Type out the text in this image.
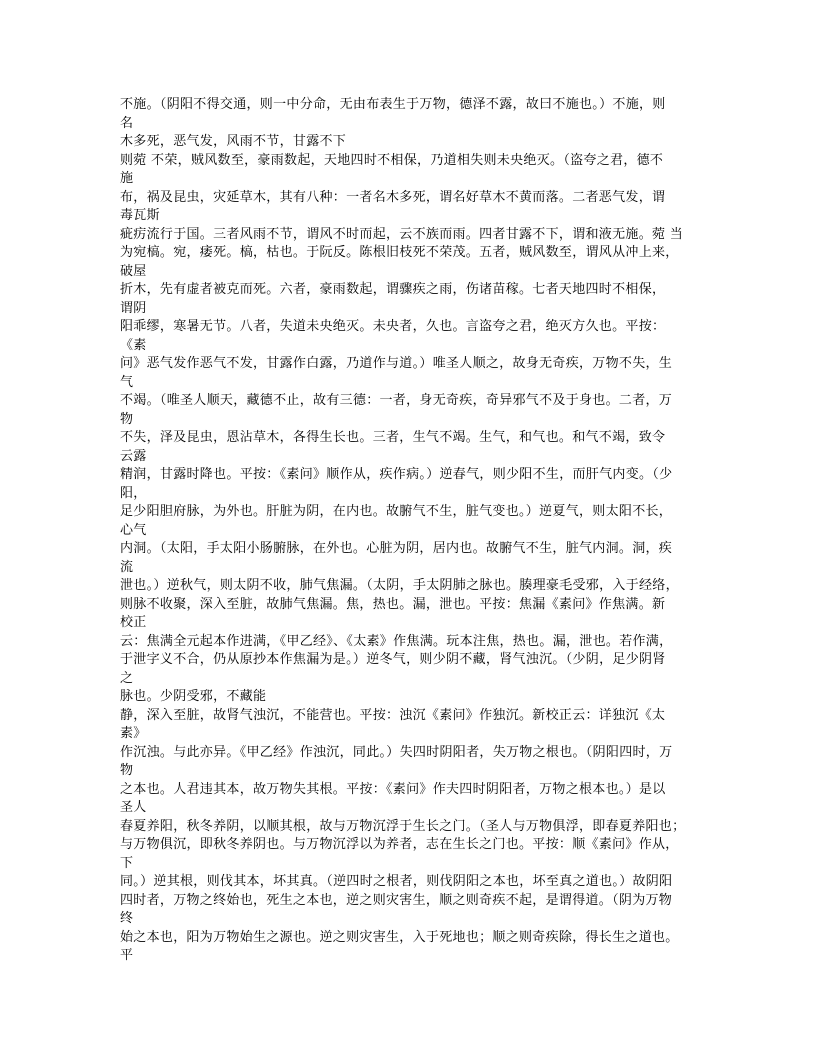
不施。（阴阳不得交通，则一中分命，无由布表生于万物，德泽不露，故曰不施也。）不施，则
名
木多死，恶气发，风雨不节，甘露不下
则菀 不荣，贼风数至，豪雨数起，天地四时不相保，乃道相失则未央绝灭。（盗夸之君，德不
施
布，祸及昆虫，灾延草木，其有八种：一者名木多死，谓名好草木不黄而落。二者恶气发，谓
毒瓦斯
疵疠流行于国。三者风雨不节，谓风不时而起，云不族而雨。四者甘露不下，谓和液无施。菀 当
为宛槁。宛，痿死。槁，枯也。于阮反。陈根旧枝死不荣茂。五者，贼风数至，谓风从冲上来，
破屋
折木，先有虚者被克而死。六者，豪雨数起，谓骤疾之雨，伤诸苗稼。七者天地四时不相保，
谓阴
阳乖缪，寒暑无节。八者，失道未央绝灭。未央者，久也。言盗夸之君，绝灭方久也。平按：
《素
问》恶气发作恶气不发，甘露作白露，乃道作与道。）唯圣人顺之，故身无奇疾，万物不失，生
气
不竭。（唯圣人顺天，藏德不止，故有三德：一者，身无奇疾，奇异邪气不及于身也。二者，万
物
不失，泽及昆虫，恩沾草木，各得生长也。三者，生气不竭。生气，和气也。和气不竭，致令
云露
精润，甘露时降也。平按：《素问》顺作从，疾作病。）逆春气，则少阳不生，而肝气内变。（少
阳，
足少阳胆府脉，为外也。肝脏为阴，在内也。故腑气不生，脏气变也。）逆夏气，则太阳不长，
心气
内洞。（太阳，手太阳小肠腑脉，在外也。心脏为阴，居内也。故腑气不生，脏气内洞。洞，疾
流
泄也。）逆秋气，则太阴不收，肺气焦漏。（太阴，手太阴肺之脉也。腠理豪毛受邪，入于经络，
则脉不收聚，深入至脏，故肺气焦漏。焦，热也。漏，泄也。平按：焦漏《素问》作焦满。新
校正
云：焦满全元起本作进满，《甲乙经》、《太素》作焦满。玩本注焦，热也。漏，泄也。若作满，
于泄字义不合，仍从原抄本作焦漏为是。）逆冬气，则少阴不藏，肾气浊沉。（少阴，足少阴肾
之
脉也。少阴受邪，不藏能
静，深入至脏，故肾气浊沉，不能营也。平按：浊沉《素问》作独沉。新校正云：详独沉《太
素》
作沉浊。与此亦异。《甲乙经》作浊沉，同此。）失四时阴阳者，失万物之根也。（阴阳四时，万
物
之本也。人君违其本，故万物失其根。平按：《素问》作夫四时阴阳者，万物之根本也。）是以
圣人
春夏养阳，秋冬养阴，以顺其根，故与万物沉浮于生长之门。（圣人与万物俱浮，即春夏养阳也；
与万物俱沉，即秋冬养阴也。与万物沉浮以为养者，志在生长之门也。平按：顺《素问》作从，
下
同。）逆其根，则伐其本，坏其真。（逆四时之根者，则伐阴阳之本也，坏至真之道也。）故阴阳
四时者，万物之终始也，死生之本也，逆之则灾害生，顺之则奇疾不起，是谓得道。（阴为万物
终
始之本也，阳为万物始生之源也。逆之则灾害生，入于死地也；顺之则奇疾除，得长生之道也。
平
